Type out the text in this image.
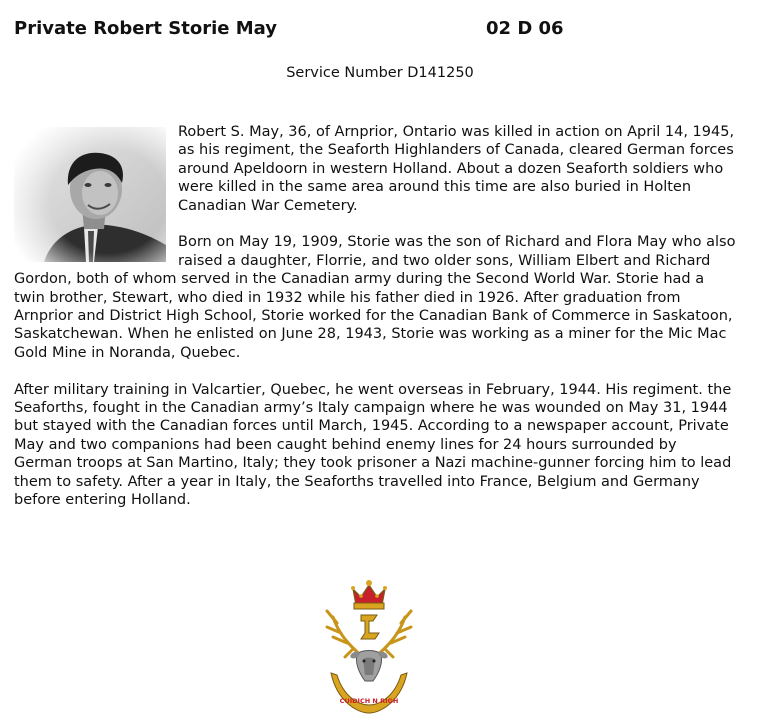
Private Robert Storie May	02 D 06
Service Number D141250

Robert S. May, 36, of Arnprior, Ontario was killed in action on April 14, 1945, as his regiment, the Seaforth Highlanders of Canada, cleared German forces around Apeldoorn in western Holland. About a dozen Seaforth soldiers who were killed in the same area around this time are also buried in Holten Canadian War Cemetery.

Born on May 19, 1909, Storie was the son of Richard and Flora May who also raised a daughter, Florrie, and two older sons, William Elbert and Richard Gordon, both of whom served in the Canadian army during the Second World War. Storie had a twin brother, Stewart, who died in 1932 while his father died in 1926. After graduation from Arnprior and District High School, Storie worked for the Canadian Bank of Commerce in Saskatoon, Saskatchewan. When he enlisted on June 28, 1943, Storie was working as a miner for the Mic Mac Gold Mine in Noranda, Quebec.

After military training in Valcartier, Quebec, he went overseas in February, 1944. His regiment. the Seaforths, fought in the Canadian army’s Italy campaign where he was wounded on May 31, 1944 but stayed with the Canadian forces until March, 1945. According to a newspaper account, Private May and two companions had been caught behind enemy lines for 24 hours surrounded by German troops at San Martino, Italy; they took prisoner a Nazi machine-gunner forcing him to lead them to safety. After a year in Italy, the Seaforths travelled into France, Belgium and Germany before entering Holland.

CUIDICH N RIGH
